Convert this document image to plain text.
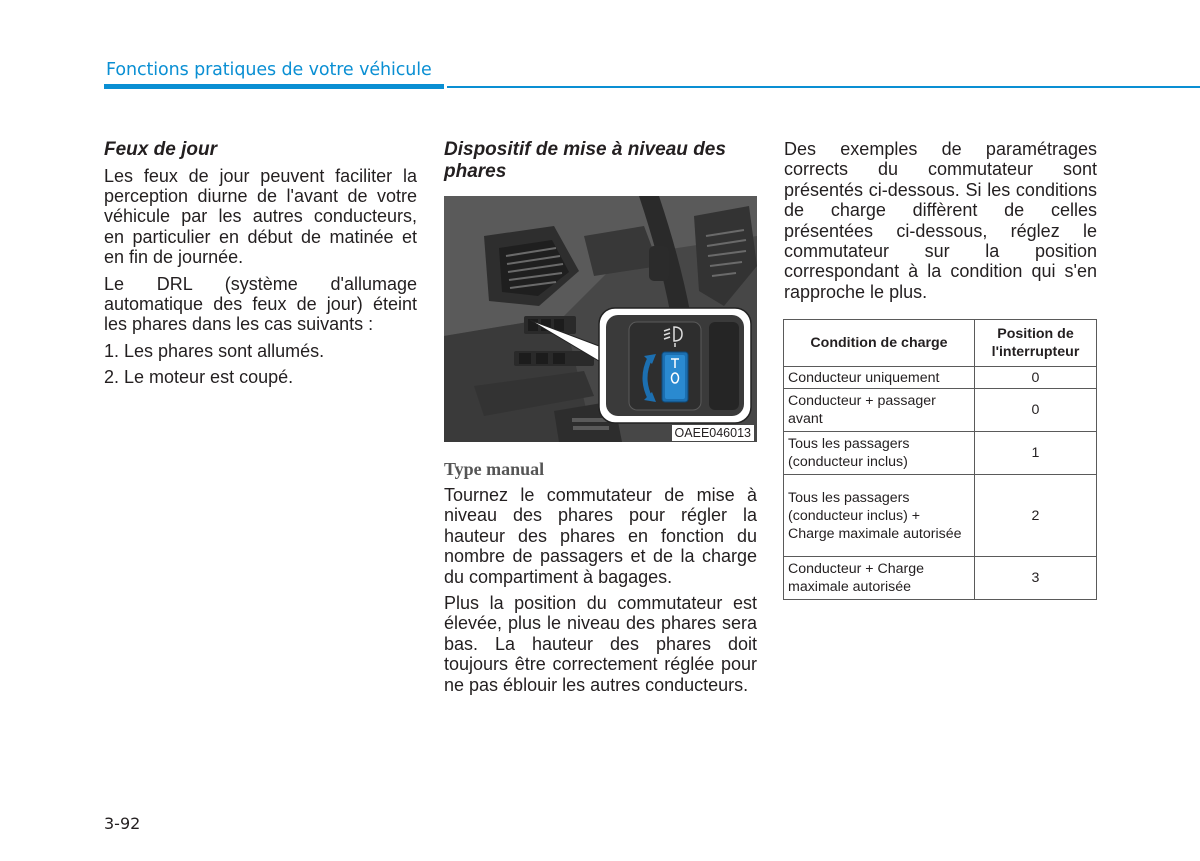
Fonctions pratiques de votre véhicule
Feux de jour

Les feux de jour peuvent faciliter la perception diurne de l'avant de votre véhicule par les autres conducteurs, en particulier en début de matinée et en fin de journée.

Le DRL (système d'allumage automatique des feux de jour) éteint les phares dans les cas suivants :

1. Les phares sont allumés.

2. Le moteur est coupé.

Dispositif de mise à niveau des phares
OAEE046013
Type manual

Tournez le commutateur de mise à niveau des phares pour régler la hauteur des phares en fonction du nombre de passagers et de la charge du compartiment à bagages.

Plus la position du commutateur est élevée, plus le niveau des phares sera bas. La hauteur des phares doit toujours être correctement réglée pour ne pas éblouir les autres conducteurs.

Des exemples de paramétrages corrects du commutateur sont présentés ci-dessous. Si les conditions de charge diffèrent de celles présentées ci-dessous, réglez le commutateur sur la position correspondant à la condition qui s'en rapproche le plus.

Condition de charge	Position de l'interrupteur
Conducteur uniquement	0
Conducteur + passager avant	0
Tous les passagers (conducteur inclus)	1
Tous les passagers (conducteur inclus) + Charge maximale autorisée	2
Conducteur + Charge maximale autorisée	3
3-92
